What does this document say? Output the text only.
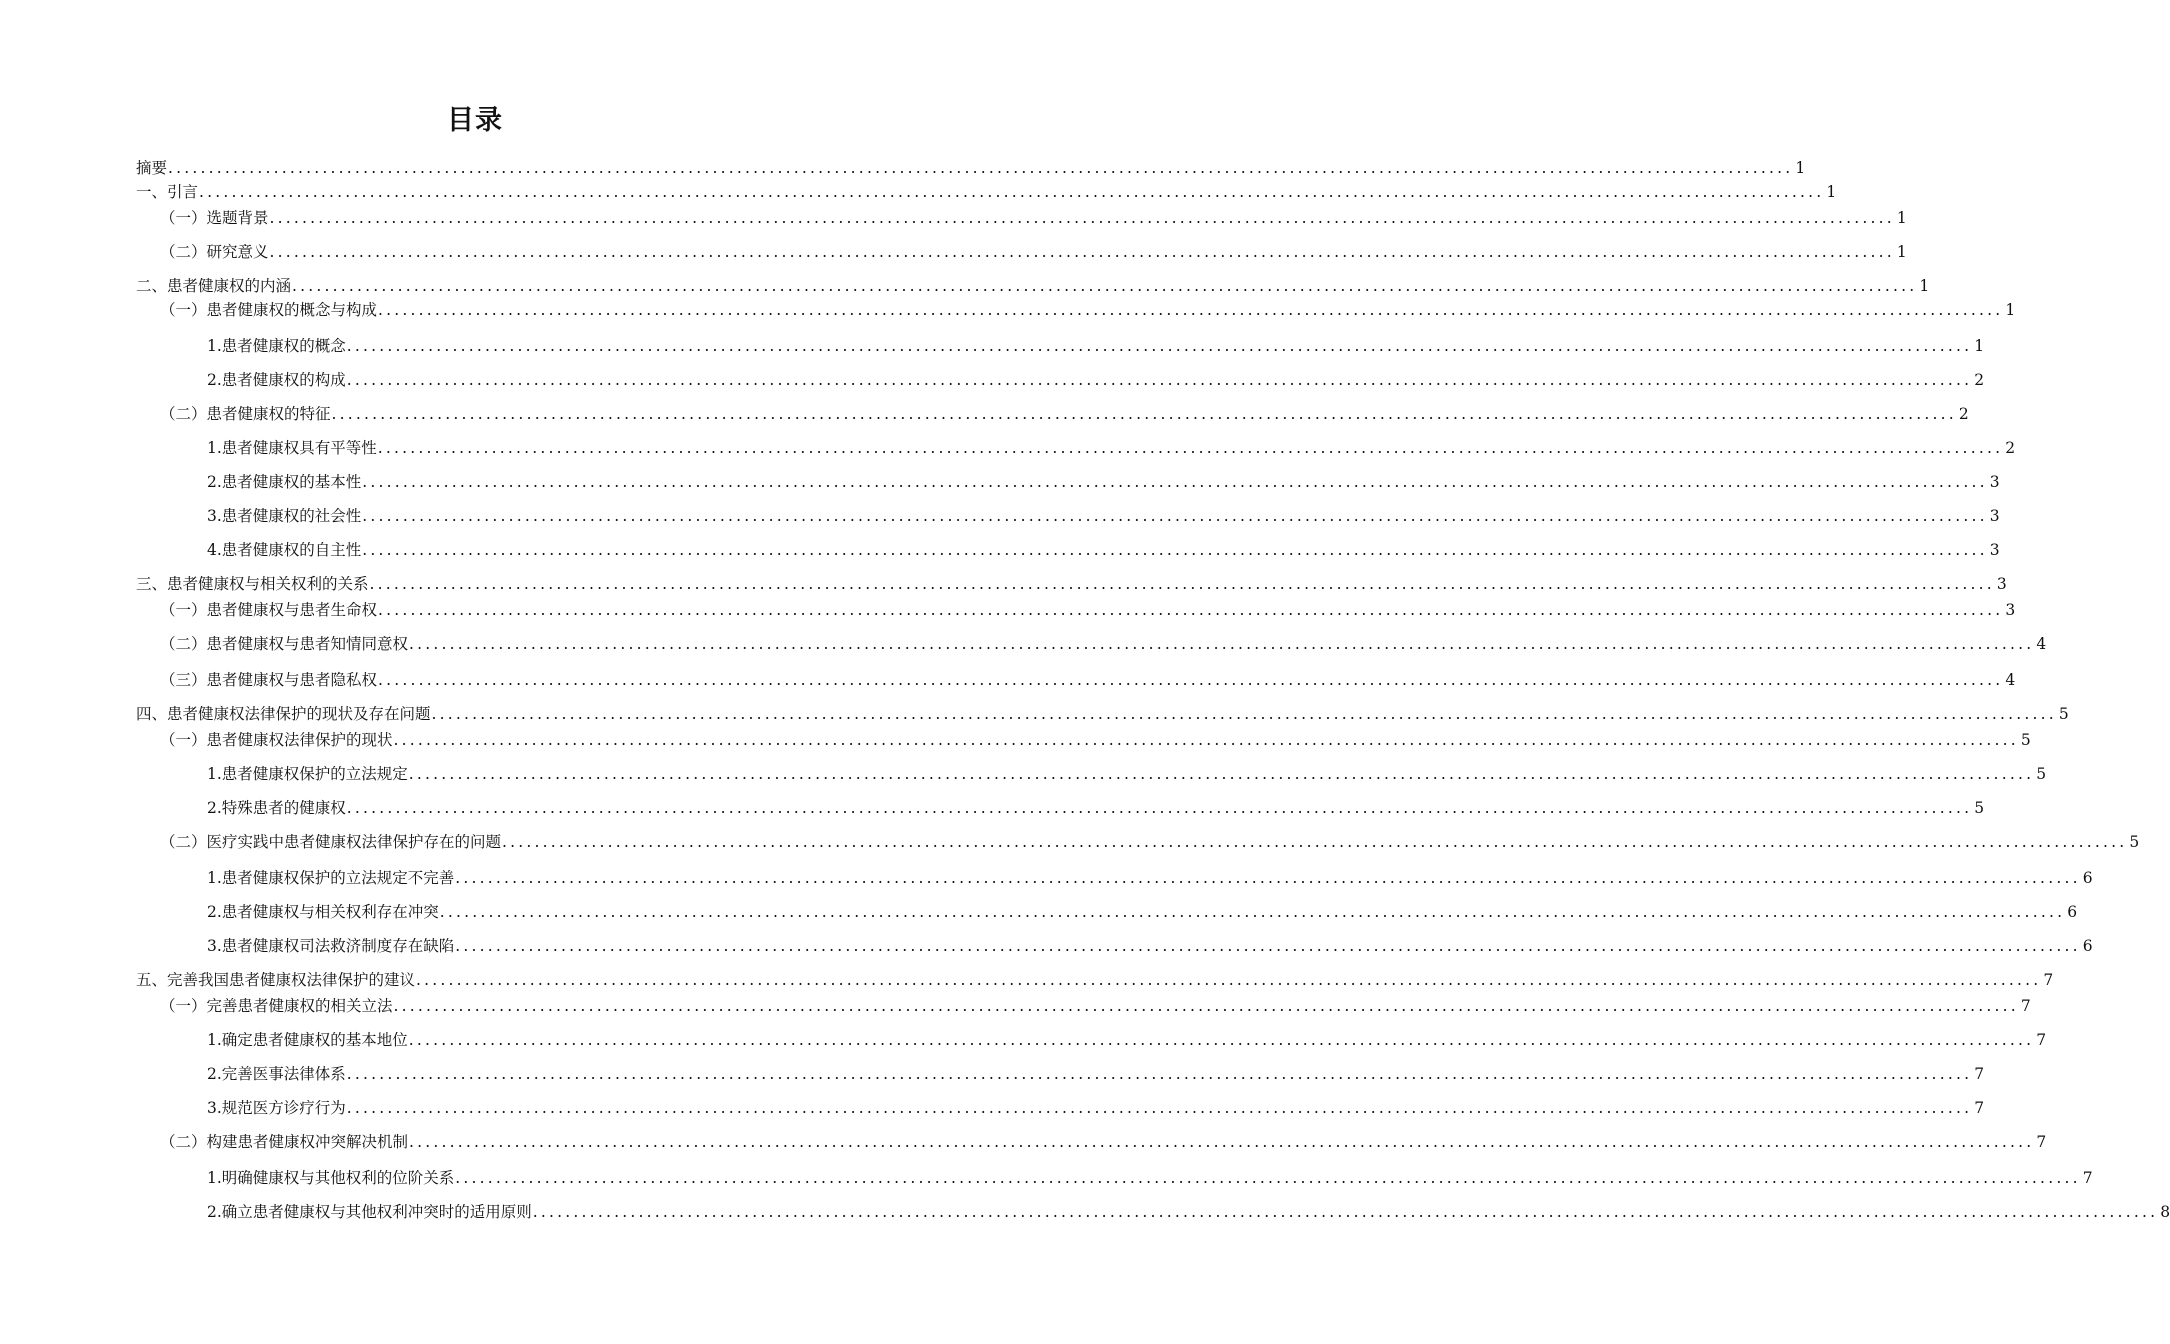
目录
摘要 ........................................................................................................................................................................................................ 1
一、引言 ........................................................................................................................................................................................................ 1
（一）选题背景 ........................................................................................................................................................................................................ 1
（二）研究意义 ........................................................................................................................................................................................................ 1
二、患者健康权的内涵 ........................................................................................................................................................................................................ 1
（一）患者健康权的概念与构成 ........................................................................................................................................................................................................ 1
1.患者健康权的概念 ........................................................................................................................................................................................................ 1
2.患者健康权的构成 ........................................................................................................................................................................................................ 2
（二）患者健康权的特征 ........................................................................................................................................................................................................ 2
1.患者健康权具有平等性 ........................................................................................................................................................................................................ 2
2.患者健康权的基本性 ........................................................................................................................................................................................................ 3
3.患者健康权的社会性 ........................................................................................................................................................................................................ 3
4.患者健康权的自主性 ........................................................................................................................................................................................................ 3
三、患者健康权与相关权利的关系 ........................................................................................................................................................................................................ 3
（一）患者健康权与患者生命权 ........................................................................................................................................................................................................ 3
（二）患者健康权与患者知情同意权 ........................................................................................................................................................................................................ 4
（三）患者健康权与患者隐私权 ........................................................................................................................................................................................................ 4
四、患者健康权法律保护的现状及存在问题 ........................................................................................................................................................................................................ 5
（一）患者健康权法律保护的现状 ........................................................................................................................................................................................................ 5
1.患者健康权保护的立法规定 ........................................................................................................................................................................................................ 5
2.特殊患者的健康权 ........................................................................................................................................................................................................ 5
（二）医疗实践中患者健康权法律保护存在的问题 ........................................................................................................................................................................................................ 5
1.患者健康权保护的立法规定不完善 ........................................................................................................................................................................................................ 6
2.患者健康权与相关权利存在冲突 ........................................................................................................................................................................................................ 6
3.患者健康权司法救济制度存在缺陷 ........................................................................................................................................................................................................ 6
五、完善我国患者健康权法律保护的建议 ........................................................................................................................................................................................................ 7
（一）完善患者健康权的相关立法 ........................................................................................................................................................................................................ 7
1.确定患者健康权的基本地位 ........................................................................................................................................................................................................ 7
2.完善医事法律体系 ........................................................................................................................................................................................................ 7
3.规范医方诊疗行为 ........................................................................................................................................................................................................ 7
（二）构建患者健康权冲突解决机制 ........................................................................................................................................................................................................ 7
1.明确健康权与其他权利的位阶关系 ........................................................................................................................................................................................................ 7
2.确立患者健康权与其他权利冲突时的适用原则 ........................................................................................................................................................................................................ 8
